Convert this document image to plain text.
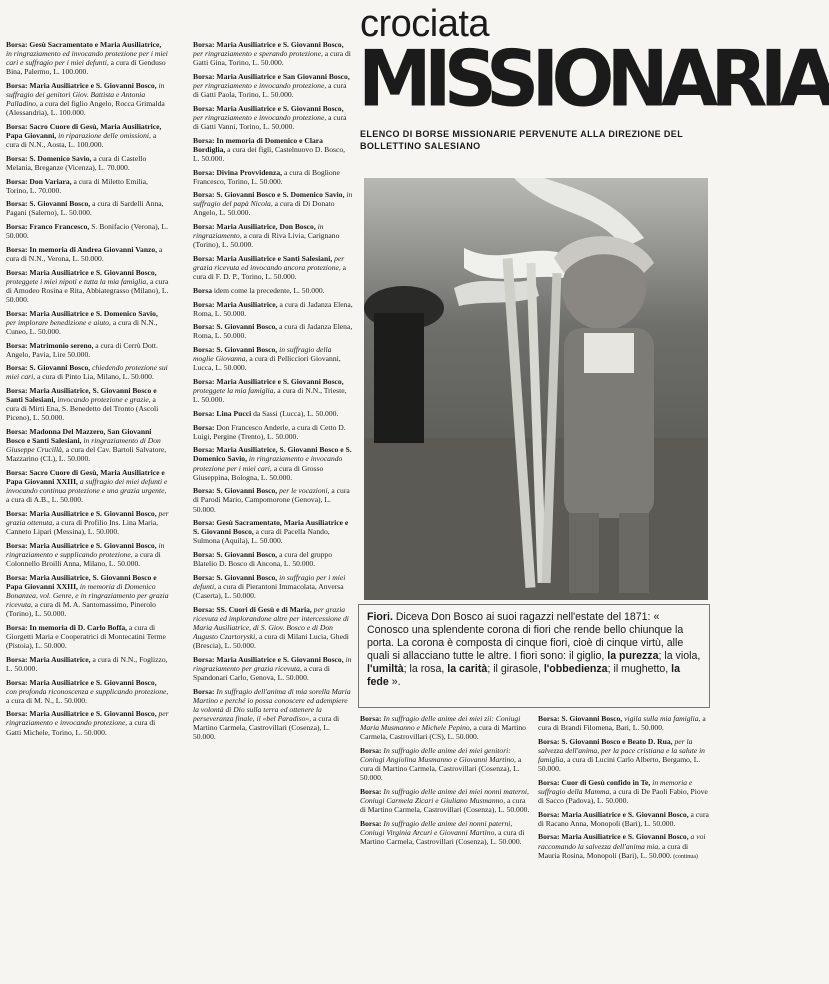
crociata
MISSIONARIA
ELENCO DI BORSE MISSIONARIE PERVENUTE ALLA DIREZIONE DEL BOLLETTINO SALESIANO

Borsa: Gesù Sacramentato e Maria Ausiliatrice, in ringraziamento ed invocando protezione per i miei cari e suffragio per i miei defunti, a cura di Genduso Bina, Palermo, L. 100.000.

Borsa: Maria Ausiliatrice e S. Giovanni Bosco, in suffragio dei genitori Giov. Battista e Antonia Palladino, a cura del figlio Angelo, Rocca Grimalda (Alessandria), L. 100.000.

Borsa: Sacro Cuore di Gesù, Maria Ausiliatrice, Papa Giovanni, in riparazione delle omissioni, a cura di N.N., Aosta, L. 100.000.

Borsa: S. Domenico Savio, a cura di Castello Melania, Breganze (Vicenza), L. 70.000.

Borsa: Don Variara, a cura di Miletto Emilia, Torino, L. 70.000.

Borsa: S. Giovanni Bosco, a cura di Sardelli Anna, Pagani (Salerno), L. 50.000.

Borsa: Franco Francesco, S. Bonifacio (Verona), L. 50.000.

Borsa: In memoria di Andrea Giovanni Vanzo, a cura di N.N., Verona, L. 50.000.

Borsa: Maria Ausiliatrice e S. Giovanni Bosco, proteggete i miei nipoti e tutta la mia famiglia, a cura di Amodeo Rosina e Rita, Abbiategrasso (Milano), L. 50.000.

Borsa: Maria Ausiliatrice e S. Domenico Savio, per implorare benedizione e aiuto, a cura di N.N., Cuneo, L. 50.000.

Borsa: Matrimonio sereno, a cura di Cerrù Dott. Angelo, Pavia, Lire 50.000.

Borsa: S. Giovanni Bosco, chiedendo protezione sui miei cari, a cura di Pinto Lia, Milano, L. 50.000.

Borsa: Maria Ausiliatrice, S. Giovanni Bosco e Santi Salesiani, invocando protezione e grazie, a cura di Mirti Ena, S. Benedetto del Tronto (Ascoli Piceno), L. 50.000.

Borsa: Madonna Del Mazzero, San Giovanni Bosco e Santi Salesiani, in ringraziamento di Don Giuseppe Crucillà, a cura del Cav. Bartoli Salvatore, Mazzarino (CL), L. 50.000.

Borsa: Sacro Cuore di Gesù, Maria Ausiliatrice e Papa Giovanni XXIII, a suffragio dei miei defunti e invocando continua protezione e una grazia urgente, a cura di A.B., L. 50.000.

Borsa: Maria Ausiliatrice e S. Giovanni Bosco, per grazia ottenuta, a cura di Profilio Ins. Lina Maria, Canneto Lipari (Messina), L. 50.000.

Borsa: Maria Ausiliatrice e S. Giovanni Bosco, in ringraziamento e supplicando protezione, a cura di Colonnello Broilli Anna, Milano, L. 50.000.

Borsa: Maria Ausiliatrice, S. Giovanni Bosco e Papa Giovanni XXIII, in memoria di Domenico Bonanzea, vol. Genre, e in ringraziamento per grazia ricevuta, a cura di M. A. Santomassimo, Pinerolo (Torino), L. 50.000.

Borsa: In memoria di D. Carlo Boffa, a cura di Giorgetti Maria e Cooperatrici di Montecatini Terme (Pistoia), L. 50.000.

Borsa: Maria Ausiliatrice, a cura di N.N., Foglizzo, L. 50.000.

Borsa: Maria Ausiliatrice e S. Giovanni Bosco, con profonda riconoscenza e supplicando protezione, a cura di M. N., L. 50.000.

Borsa: Maria Ausiliatrice e S. Giovanni Bosco, per ringraziamento e invocando protezione, a cura di Gatti Michele, Torino, L. 50.000.

Borsa: Maria Ausiliatrice e S. Giovanni Bosco, per ringraziamento e sperando protezione, a cura di Gatti Gina, Torino, L. 50.000.

Borsa: Maria Ausiliatrice e San Giovanni Bosco, per ringraziamento e invocando protezione, a cura di Gatti Paola, Torino, L. 50.000.

Borsa: Maria Ausiliatrice e S. Giovanni Bosco, per ringraziamento e invocando protezione, a cura di Gatti Vanni, Torino, L. 50.000.

Borsa: In memoria di Domenico e Clara Bordiglia, a cura dei figli, Castelnuovo D. Bosco, L. 50.000.

Borsa: Divina Provvidenza, a cura di Boglione Francesco, Torino, L. 50.000.

Borsa: S. Giovanni Bosco e S. Domenico Savio, in suffragio del papà Nicola, a cura di Di Donato Angelo, L. 50.000.

Borsa: Maria Ausiliatrice, Don Bosco, in ringraziamento, a cura di Riva Livia, Carignano (Torino), L. 50.000.

Borsa: Maria Ausiliatrice e Santi Salesiani, per grazia ricevuta ed invocando ancora protezione, a cura di F. D. P., Torino, L. 50.000.

Borsa idem come la precedente, L. 50.000.

Borsa: Maria Ausiliatrice, a cura di Jadanza Elena, Roma, L. 50.000.

Borsa: S. Giovanni Bosco, a cura di Jadanza Elena, Roma, L. 50.000.

Borsa: S. Giovanni Bosco, in suffragio della moglie Giovanna, a cura di Pellicciori Giovanni, Lucca, L. 50.000.

Borsa: Maria Ausiliatrice e S. Giovanni Bosco, proteggete la mia famiglia, a cura di N.N., Trieste, L. 50.000.

Borsa: Lina Pucci da Sassi (Lucca), L. 50.000.

Borsa: Don Francesco Anderle, a cura di Cetto D. Luigi, Pergine (Trento), L. 50.000.

Borsa: Maria Ausiliatrice, S. Giovanni Bosco e S. Domenico Savio, in ringraziamento e invocando protezione per i miei cari, a cura di Grosso Giuseppina, Bologna, L. 50.000.

Borsa: S. Giovanni Bosco, per le vocazioni, a cura di Parodi Mario, Campomorone (Genova), L. 50.000.

Borsa: Gesù Sacramentato, Maria Ausiliatrice e S. Giovanni Bosco, a cura di Pacella Nando, Sulmona (Aquila), L. 50.000.

Borsa: S. Giovanni Bosco, a cura del gruppo Blatelio D. Bosco di Ancona, L. 50.000.

Borsa: S. Giovanni Bosco, in suffragio per i miei defunti, a cura di Pierantoni Immacolata, Anversa (Caserta), L. 50.000.

Borsa: SS. Cuori di Gesù e di Maria, per grazia ricevuta ed implorandone altre per intercessione di Maria Ausiliatrice, di S. Giov. Bosco e di Don Augusto Czartoryski, a cura di Milani Lucia, Ghedi (Brescia), L. 50.000.

Borsa: Maria Ausiliatrice e S. Giovanni Bosco, in ringraziamento per grazia ricevuta, a cura di Spandonari Carlo, Genova, L. 50.000.

Borsa: In suffragio dell'anima di mia sorella Maria Martino e perché io possa conoscere ed adempiere la volontà di Dio sulla terra ed ottenere la perseveranza finale, il «bel Paradiso», a cura di Martino Carmela, Castrovillari (Cosenza), L. 50.000.

Fiori. Diceva Don Bosco ai suoi ragazzi nell'estate del 1871: « Conosco una splendente corona di fiori che rende bello chiunque la porta. La corona è composta di cinque fiori, cioè di cinque virtù, alle quali si allacciano tutte le altre. I fiori sono: il giglio, la purezza; la viola, l'umiltà; la rosa, la carità; il girasole, l'obbedienza; il mughetto, la fede ».

Borsa: In suffragio delle anime dei miei zii: Coniugi Maria Musmanno e Michele Pepino, a cura di Martino Carmela, Castrovillari (CS), L. 50.000.

Borsa: In suffragio delle anime dei miei genitori: Coniugi Angiolina Musmanno e Giovanni Martino, a cura di Martino Carmela, Castrovillari (Cosenza), L. 50.000.

Borsa: In suffragio delle anime dei miei nonni materni, Coniugi Carmela Zicari e Giuliano Musmanno, a cura di Martino Carmela, Castrovillari (Cosenza), L. 50.000.

Borsa: In suffragio delle anime dei nonni paterni, Coniugi Virginia Arcuri e Giovanni Martino, a cura di Martino Carmela, Castrovillari (Cosenza), L. 50.000.

Borsa: S. Giovanni Bosco, vigila sulla mia famiglia, a cura di Brandi Filomena, Bari, L. 50.000.

Borsa: S. Giovanni Bosco e Beato D. Rua, per la salvezza dell'anima, per la pace cristiana e la salute in famiglia, a cura di Lucini Carlo Alberto, Bergamo, L. 50.000.

Borsa: Cuor di Gesù confido in Te, in memoria e suffragio della Mamma, a cura di De Paoli Fabio, Piove di Sacco (Padova), L. 50.000.

Borsa: Maria Ausiliatrice e S. Giovanni Bosco, a cura di Racano Anna, Monopoli (Bari), L. 50.000.

Borsa: Maria Ausiliatrice e S. Giovanni Bosco, a voi raccomando la salvezza dell'anima mia, a cura di Mauria Rosina, Monopoli (Bari), L. 50.000. (continua)
